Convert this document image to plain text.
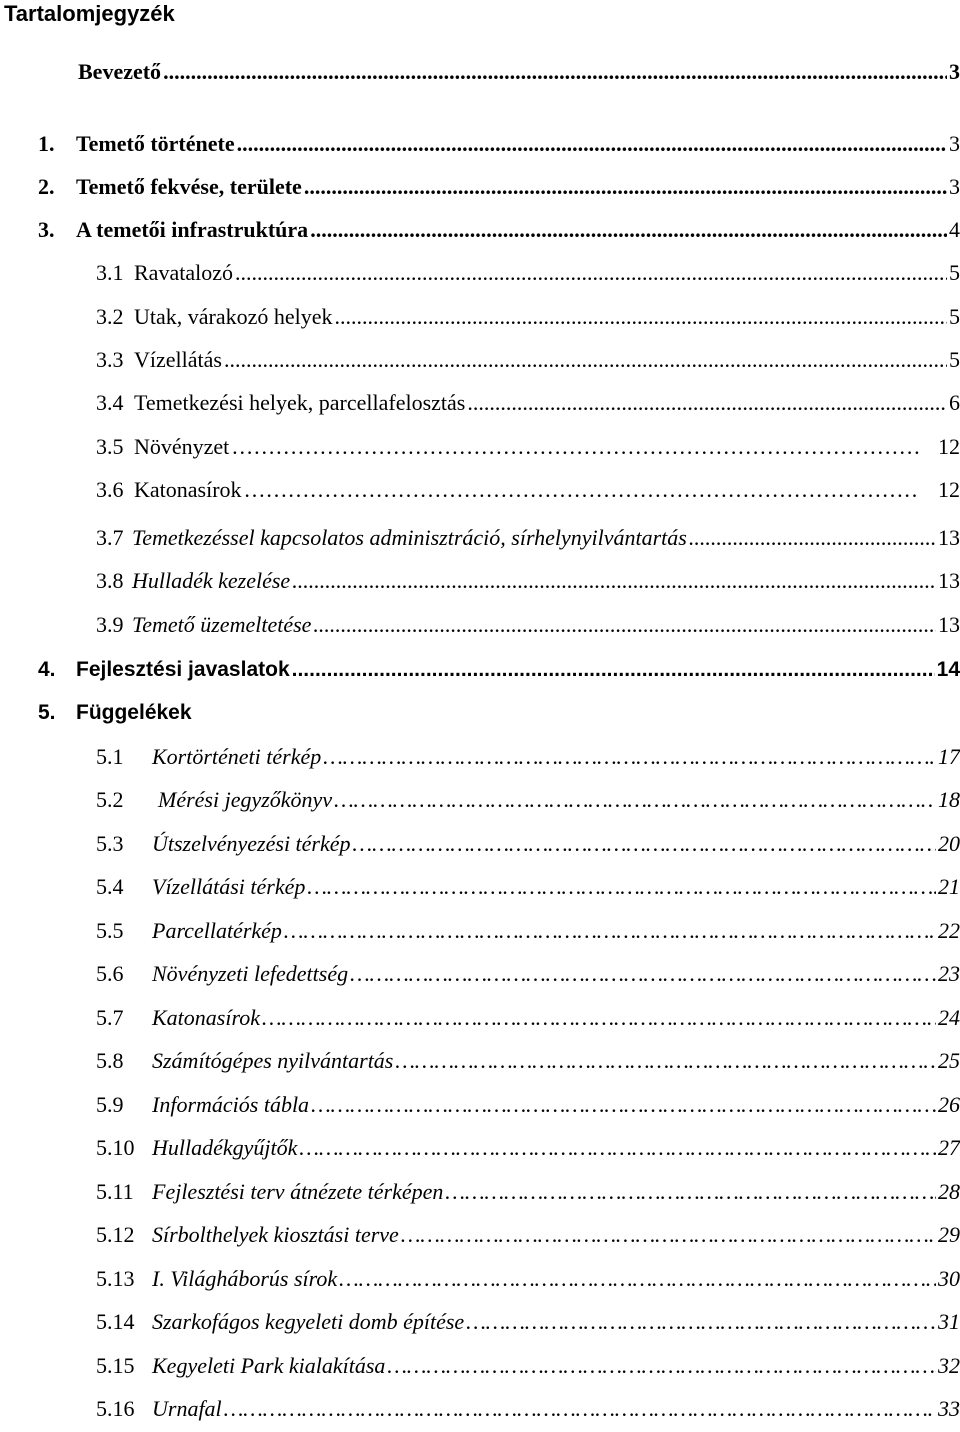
Tartalomjegyzék
Bevezető .....	3
1. Temető története .....	3
2. Temető fekvése, területe .....	3
3. A temetői infrastruktúra .....	4
3.1 Ravatalozó .....	5
3.2 Utak, várakozó helyek .....	5
3.3 Vízellátás .....	5
3.4 Temetkezési helyek, parcellafelosztás .....	6
3.5 Növényzet ……………………………………………………………………………………………………………………………………………………………………………	12
3.6 Katonasírok ……………………………………………………………………………………………………………………………………………………………………………	12
3.7 Temetkezéssel kapcsolatos adminisztráció, sírhelynyilvántartás .....	13
3.8 Hulladék kezelése .....	13
3.9 Temető üzemeltetése .....	13
4. Fejlesztési javaslatok .....	14
5. Függelékek
5.1	Kortörténeti térkép ……………………………………………………………………………………………………………………………………………………………………………	17
5.2	Mérési jegyzőkönyv ……………………………………………………………………………………………………………………………………………………………………………	18
5.3	Útszelvényezési térkép ……………………………………………………………………………………………………………………………………………………………………………	20
5.4	Vízellátási térkép ……………………………………………………………………………………………………………………………………………………………………………	21
5.5	Parcellatérkép ……………………………………………………………………………………………………………………………………………………………………………	22
5.6	Növényzeti lefedettség ……………………………………………………………………………………………………………………………………………………………………………	23
5.7	Katonasírok ……………………………………………………………………………………………………………………………………………………………………………	24
5.8	Számítógépes nyilvántartás ……………………………………………………………………………………………………………………………………………………………………………	25
5.9	Információs tábla ……………………………………………………………………………………………………………………………………………………………………………	26
5.10 Hulladékgyűjtők ……………………………………………………………………………………………………………………………………………………………………………	27
5.11 Fejlesztési terv átnézete térképen ……………………………………………………………………………………………………………………………………………………………………………	28
5.12 Sírbolthelyek kiosztási terve ……………………………………………………………………………………………………………………………………………………………………………	29
5.13 I. Világháborús sírok ……………………………………………………………………………………………………………………………………………………………………………	30
5.14 Szarkofágos kegyeleti domb építése ……………………………………………………………………………………………………………………………………………………………………………	31
5.15 Kegyeleti Park kialakítása ……………………………………………………………………………………………………………………………………………………………………………	32
5.16 Urnafal ……………………………………………………………………………………………………………………………………………………………………………	33
